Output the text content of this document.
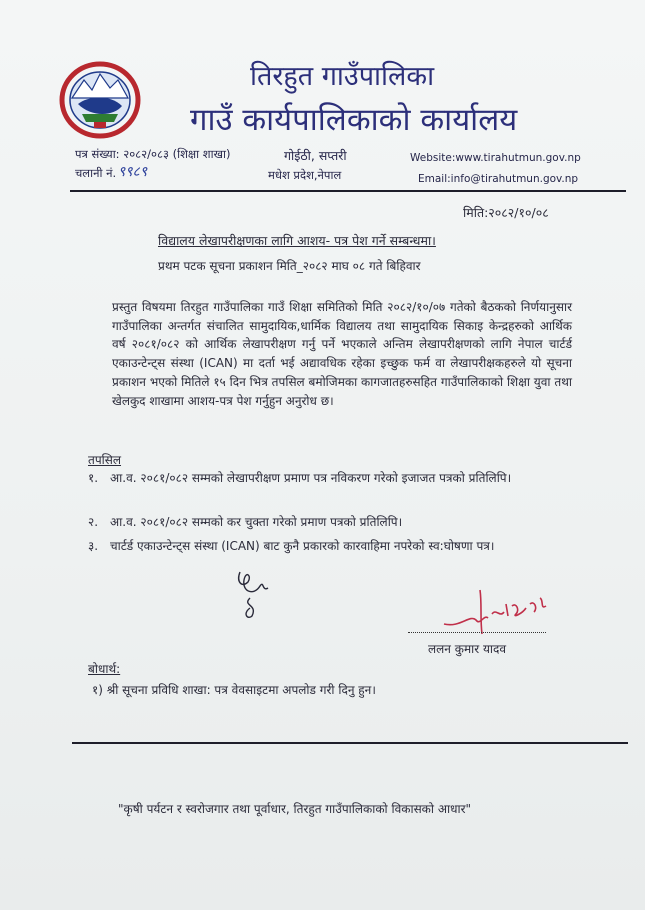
तिरहुत गाउँपालिका
गाउँ कार्यपालिकाको कार्यालय
पत्र संख्या: २०८२/०८३ (शिक्षा शाखा)
चलानी नं. ९९८९
गोईठी, सप्तरी
मधेश प्रदेश,नेपाल
Website:www.tirahutmun.gov.np
Email:info@tirahutmun.gov.np
मिति:२०८२/१०/०८
विद्यालय लेखापरीक्षणका लागि आशय- पत्र पेश गर्ने सम्बन्धमा।
प्रथम पटक सूचना प्रकाशन मिति_२०८२ माघ ०८ गते बिहिवार
प्रस्तुत विषयमा तिरहुत गाउँपालिका गाउँ शिक्षा समितिको मिति २०८२/१०/०७ गतेको बैठकको निर्णयानुसार गाउँपालिका अन्तर्गत संचालित सामुदायिक,धार्मिक विद्यालय तथा सामुदायिक सिकाइ केन्द्रहरुको आर्थिक वर्ष २०८१/०८२ को आर्थिक लेखापरीक्षण गर्नु पर्ने भएकाले अन्तिम लेखापरीक्षणको लागि नेपाल चार्टर्ड एकाउन्टेन्ट्स संस्था (ICAN) मा दर्ता भई अद्यावधिक रहेका इच्छुक फर्म वा लेखापरीक्षकहरुले यो सूचना प्रकाशन भएको मितिले १५ दिन भित्र तपसिल बमोजिमका कागजातहरुसहित गाउँपालिकाको शिक्षा युवा तथा खेलकुद शाखामा आशय-पत्र पेश गर्नुहुन अनुरोध छ।
तपसिल
१. आ.व. २०८१/०८२ सम्मको लेखापरीक्षण प्रमाण पत्र नविकरण गरेको इजाजत पत्रको प्रतिलिपि।
२. आ.व. २०८१/०८२ सम्मको कर चुक्ता गरेको प्रमाण पत्रको प्रतिलिपि।
३. चार्टर्ड एकाउन्टेन्ट्स संस्था (ICAN) बाट कुनै प्रकारको कारवाहिमा नपरेको स्व:घोषणा पत्र।
ललन कुमार यादव
बोधार्थ:
१) श्री सूचना प्रविधि शाखा: पत्र वेवसाइटमा अपलोड गरी दिनु हुन।
"कृषी पर्यटन र स्वरोजगार तथा पूर्वाधार, तिरहुत गाउँपालिकाको विकासको आधार"
